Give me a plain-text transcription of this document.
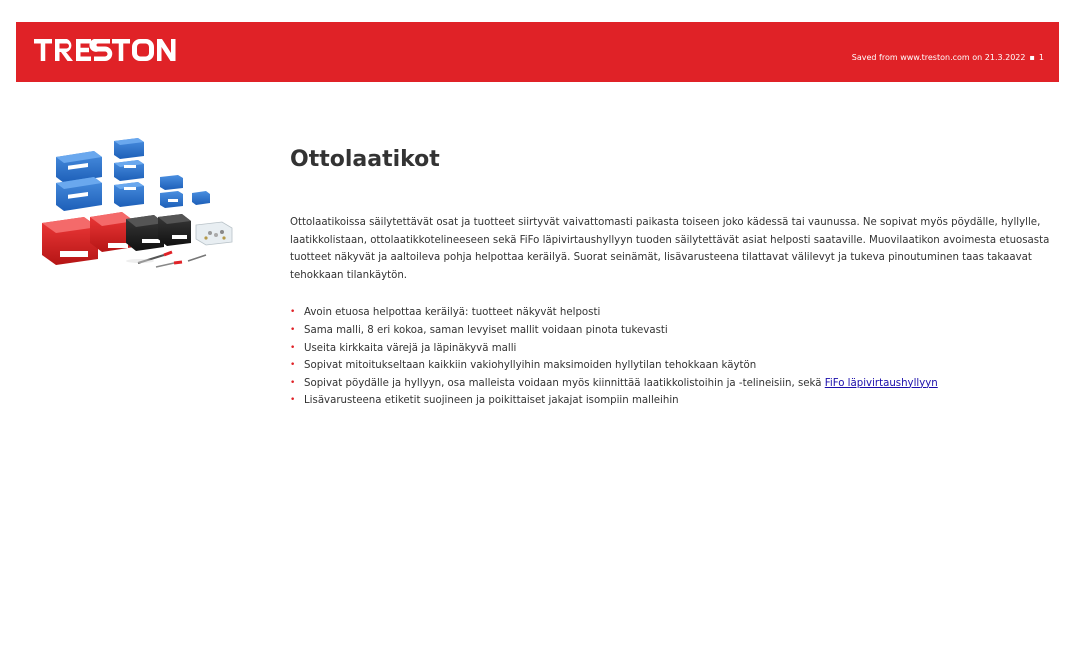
Saved from www.treston.com on 21.3.2022 ▪ 1
Ottolaatikot

Ottolaatikoissa säilytettävät osat ja tuotteet siirtyvät vaivattomasti paikasta toiseen joko kädessä tai vaunussa. Ne sopivat myös pöydälle, hyllylle, laatikkolistaan, ottolaatikkotelineeseen sekä FiFo läpivirtaushyllyyn tuoden säilytettävät asiat helposti saataville. Muovilaatikon avoimesta etuosasta tuotteet näkyvät ja aaltoileva pohja helpottaa keräilyä. Suorat seinämät, lisävarusteena tilattavat välilevyt ja tukeva pinoutuminen taas takaavat tehokkaan tilankäytön.

• Avoin etuosa helpottaa keräilyä: tuotteet näkyvät helposti
• Sama malli, 8 eri kokoa, saman levyiset mallit voidaan pinota tukevasti
• Useita kirkkaita värejä ja läpinäkyvä malli
• Sopivat mitoitukseltaan kaikkiin vakiohyllyihin maksimoiden hyllytilan tehokkaan käytön
• Sopivat pöydälle ja hyllyyn, osa malleista voidaan myös kiinnittää laatikkolistoihin ja -telineisiin, sekä FiFo läpivirtaushyllyyn
• Lisävarusteena etiketit suojineen ja poikittaiset jakajat isompiin malleihin
